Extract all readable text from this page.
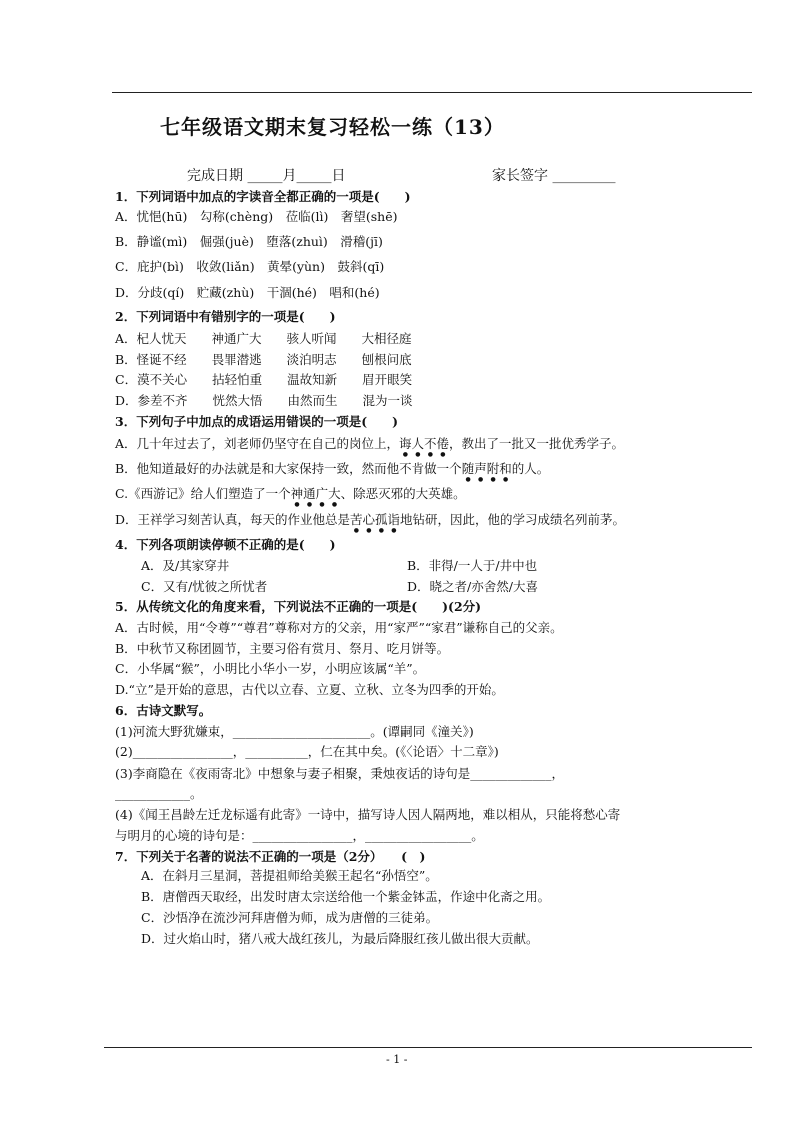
七年级语文期末复习轻松一练（13）
完成日期 _____月_____日	家长签字 _________
1．下列词语中加点的字读音全都正确的一项是(　　)
A．忧悒(hū)　勾称(chèng)　莅临(lì)　奢望(shē)
B．静谧(mì)　倔强(juè)　堕落(zhuì)　滑稽(jī)
C．庇护(bì)　收敛(liǎn)　黄晕(yùn)　鼓斜(qī)
D．分歧(qí)　贮藏(zhù)　干涸(hé)　唱和(hé)
2．下列词语中有错别字的一项是(　　)
A．杞人忧天　　神通广大　　骇人听闻　　大相径庭
B．怪诞不经　　畏罪潜逃　　淡泊明志　　刨根问底
C．漠不关心　　拈轻怕重　　温故知新　　眉开眼笑
D．参差不齐　　恍然大悟　　由然而生　　混为一谈
3．下列句子中加点的成语运用错误的一项是(　　)
A．几十年过去了，刘老师仍坚守在自己的岗位上，诲人不倦，教出了一批又一批优秀学子。
B．他知道最好的办法就是和大家保持一致，然而他不肯做一个随声附和的人。
C.《西游记》给人们塑造了一个神通广大、除恶灭邪的大英雄。
D．王祥学习刻苦认真，每天的作业他总是苦心孤诣地钻研，因此，他的学习成绩名列前茅。
4．下列各项朗读停顿不正确的是(　　)
A．及/其家穿井	B．非得/一人于/井中也
C．又有/忧彼之所忧者	D．晓之者/亦舍然/大喜
5．从传统文化的角度来看，下列说法不正确的一项是(　　)(2分)
A．古时候，用“令尊”“尊君”尊称对方的父亲，用“家严”“家君”谦称自己的父亲。
B．中秋节又称团圆节，主要习俗有赏月、祭月、吃月饼等。
C．小华属“猴”，小明比小华小一岁，小明应该属“羊”。
D.“立”是开始的意思，古代以立春、立夏、立秋、立冬为四季的开始。
6．古诗文默写。
(1)河流大野犹嫌束，______________________。(谭嗣同《潼关》)
(2)________________，__________，仁在其中矣。(《〈论语〉十二章》)
(3)李商隐在《夜雨寄北》中想象与妻子相聚，秉烛夜话的诗句是_____________，
____________。
(4)《闻王昌龄左迁龙标遥有此寄》一诗中，描写诗人因人隔两地，难以相从，只能将愁心寄
与明月的心境的诗句是：________________，_________________。
7．下列关于名著的说法不正确的一项是（2分）　　(　)
A．在斜月三星洞，菩提祖师给美猴王起名“孙悟空”。
B．唐僧西天取经，出发时唐太宗送给他一个紫金钵盂，作途中化斋之用。
C．沙悟净在流沙河拜唐僧为师，成为唐僧的三徒弟。
D．过火焰山时，猪八戒大战红孩儿，为最后降服红孩儿做出很大贡献。
- 1 -
